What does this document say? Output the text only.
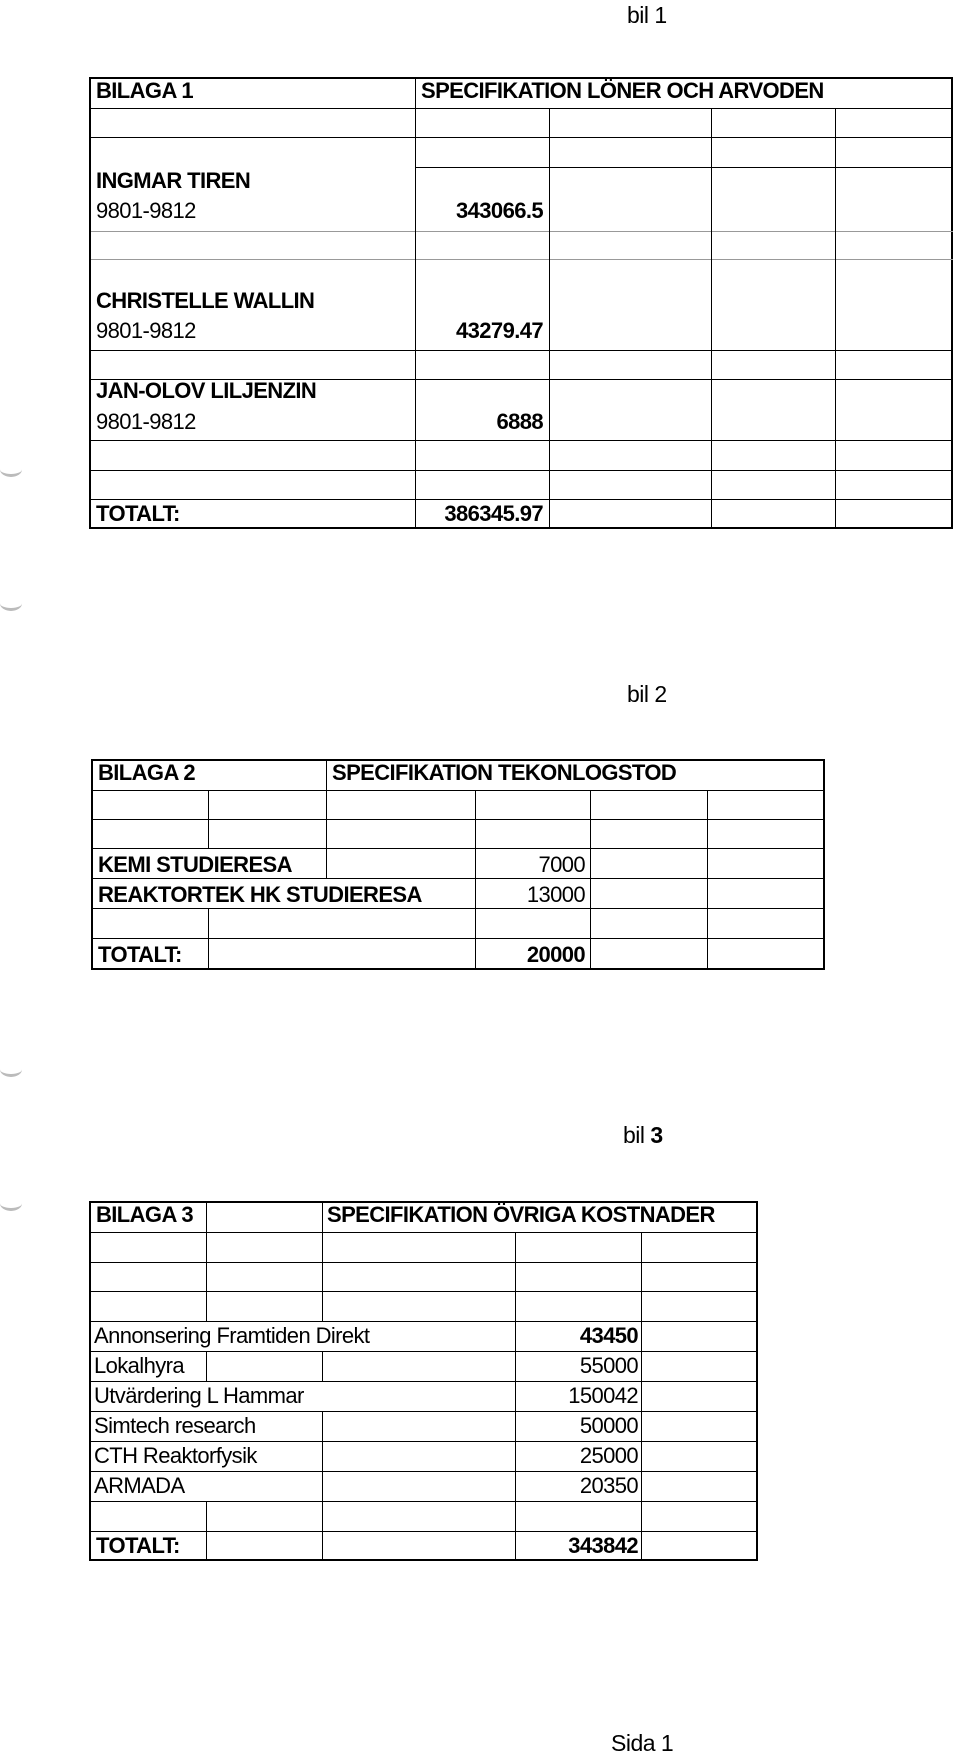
bil 1
BILAGA 1	SPECIFIKATION LÖNER OCH ARVODEN
INGMAR TIREN
9801-9812	343066.5
CHRISTELLE WALLIN
9801-9812	43279.47
JAN-OLOV LILJENZIN
9801-9812	6888
TOTALT:	386345.97
bil 2
BILAGA 2	SPECIFIKATION TEKONLOGSTOD
KEMI STUDIERESA	7000
REAKTORTEK HK STUDIERESA	13000
TOTALT:	20000
bil 3
BILAGA 3	SPECIFIKATION ÖVRIGA KOSTNADER
Annonsering Framtiden Direkt	43450
Lokalhyra	55000
Utvärdering L Hammar	150042
Simtech research	50000
CTH Reaktorfysik	25000
ARMADA	20350
TOTALT:	343842
Sida 1
